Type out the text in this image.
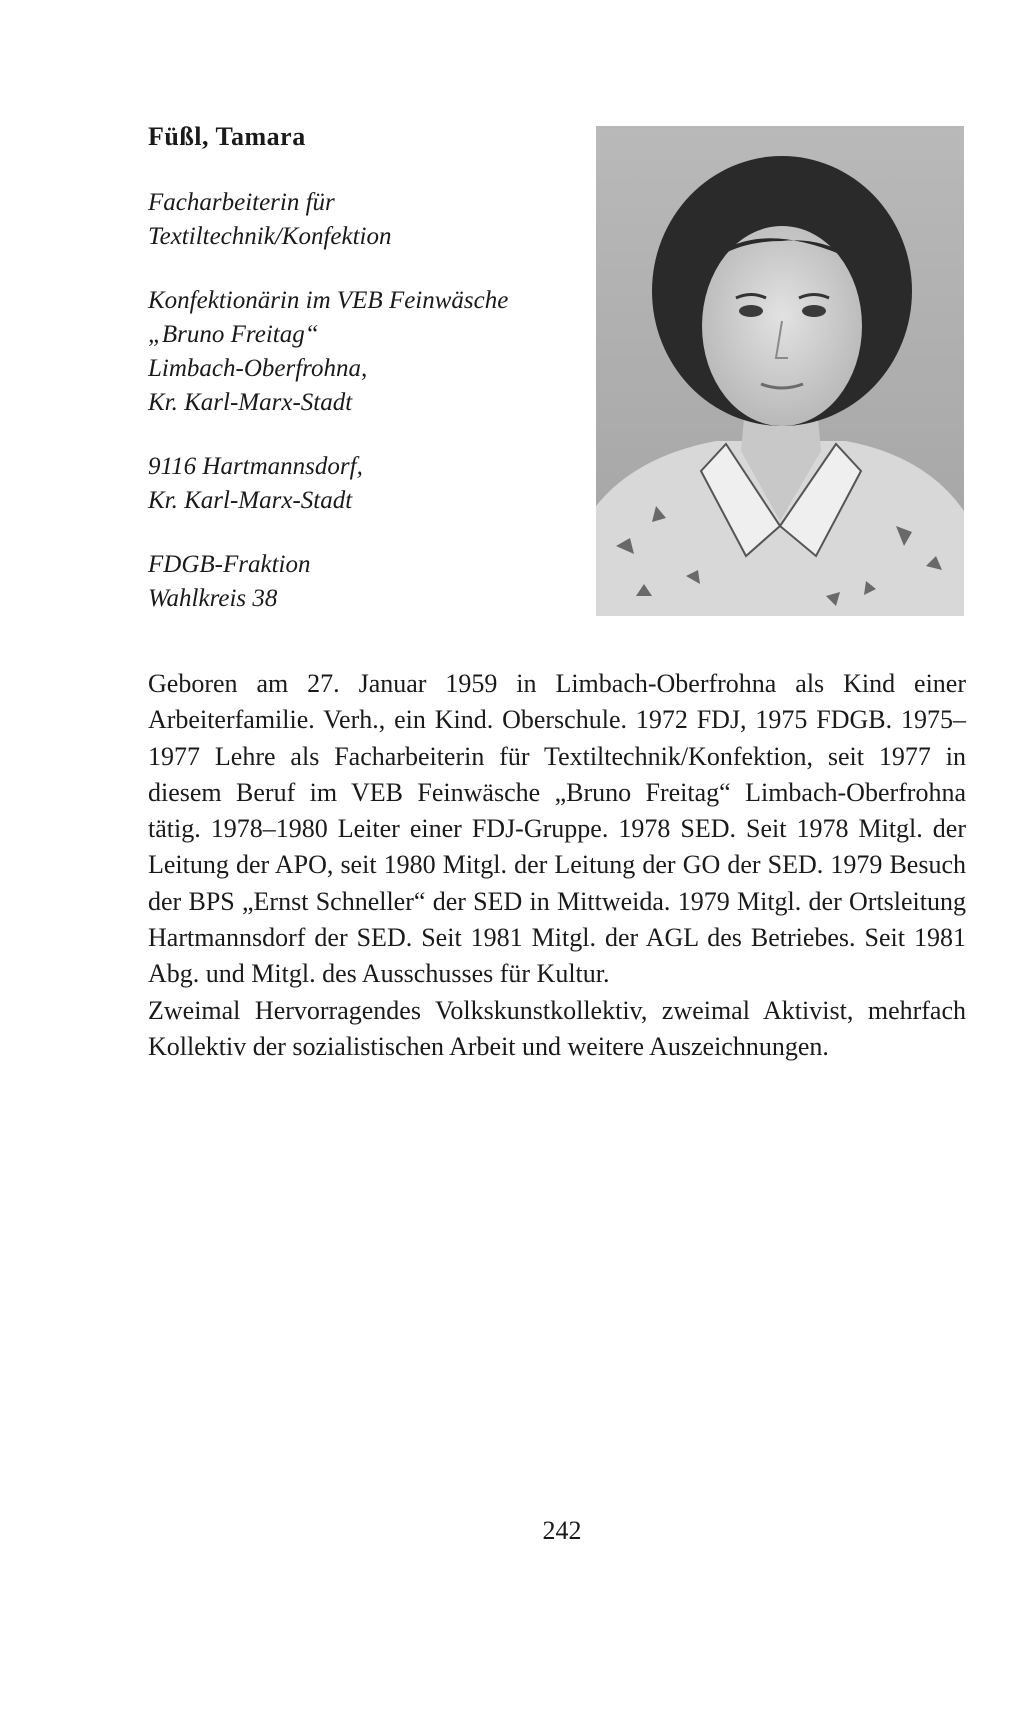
Füßl, Tamara
Facharbeiterin für
Textiltechnik/Konfektion
Konfektionärin im VEB Feinwäsche
„Bruno Freitag“
Limbach-Oberfrohna,
Kr. Karl-Marx-Stadt
9116 Hartmannsdorf,
Kr. Karl-Marx-Stadt
FDGB-Fraktion
Wahlkreis 38

Geboren am 27. Januar 1959 in Limbach-Oberfrohna als Kind einer Arbeiterfamilie. Verh., ein Kind. Oberschule. 1972 FDJ, 1975 FDGB. 1975–1977 Lehre als Facharbeiterin für Textiltechnik/Konfektion, seit 1977 in diesem Beruf im VEB Feinwäsche „Bruno Freitag“ Limbach-Oberfrohna tätig. 1978–1980 Leiter einer FDJ-Gruppe. 1978 SED. Seit 1978 Mitgl. der Leitung der APO, seit 1980 Mitgl. der Leitung der GO der SED. 1979 Besuch der BPS „Ernst Schneller“ der SED in Mittweida. 1979 Mitgl. der Ortsleitung Hartmannsdorf der SED. Seit 1981 Mitgl. der AGL des Betriebes. Seit 1981 Abg. und Mitgl. des Ausschusses für Kultur.

Zweimal Hervorragendes Volkskunstkollektiv, zweimal Aktivist, mehrfach Kollektiv der sozialistischen Arbeit und weitere Auszeichnungen.

242
